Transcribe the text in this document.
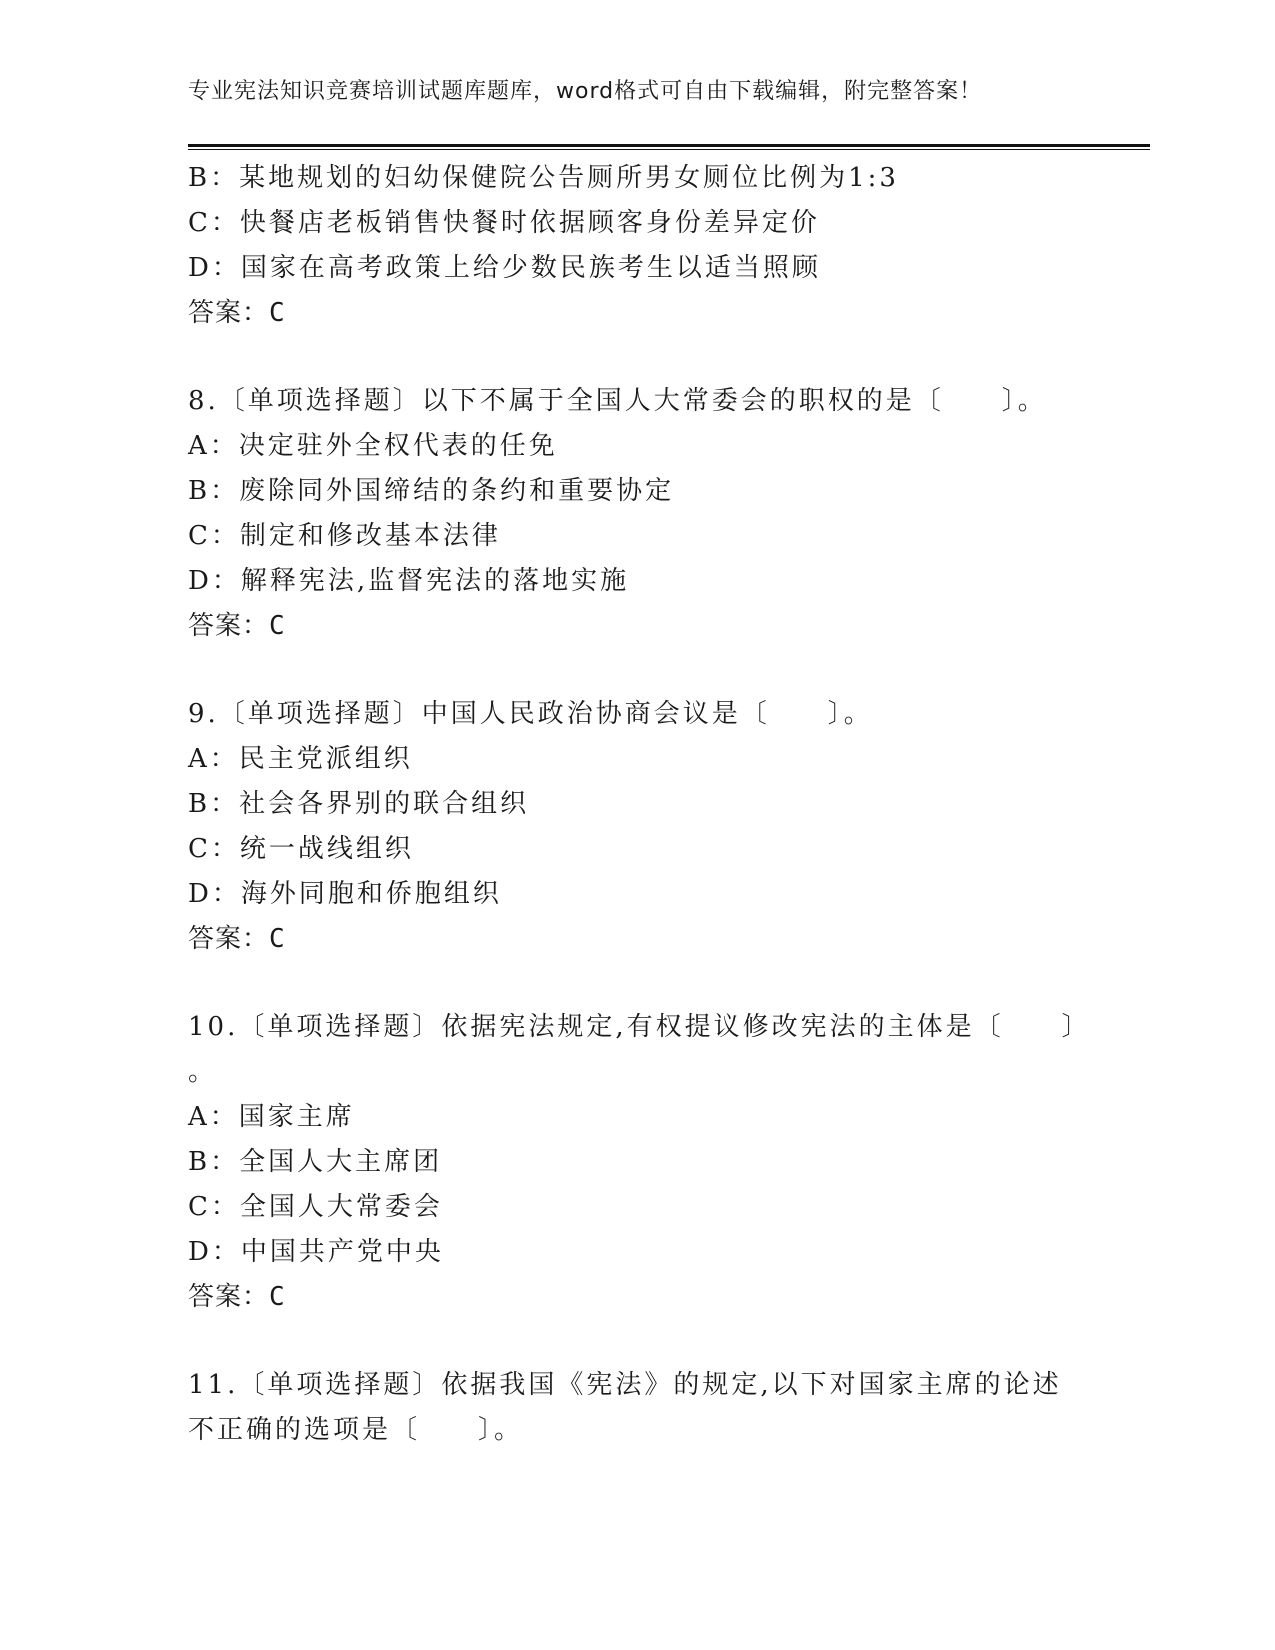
专业宪法知识竞赛培训试题库题库，word格式可自由下载编辑，附完整答案！
B：某地规划的妇幼保健院公告厕所男女厕位比例为1:3
C：快餐店老板销售快餐时依据顾客身份差异定价
D：国家在高考政策上给少数民族考生以适当照顾
答案：C
8.〔单项选择题〕以下不属于全国人大常委会的职权的是〔　　〕。
A：决定驻外全权代表的任免
B：废除同外国缔结的条约和重要协定
C：制定和修改基本法律
D：解释宪法,监督宪法的落地实施
答案：C
9.〔单项选择题〕中国人民政治协商会议是〔　　〕。
A：民主党派组织
B：社会各界别的联合组织
C：统一战线组织
D：海外同胞和侨胞组织
答案：C
10.〔单项选择题〕依据宪法规定,有权提议修改宪法的主体是〔　　〕
。
A：国家主席
B：全国人大主席团
C：全国人大常委会
D：中国共产党中央
答案：C
11.〔单项选择题〕依据我国《宪法》的规定,以下对国家主席的论述
不正确的选项是〔　　〕。
